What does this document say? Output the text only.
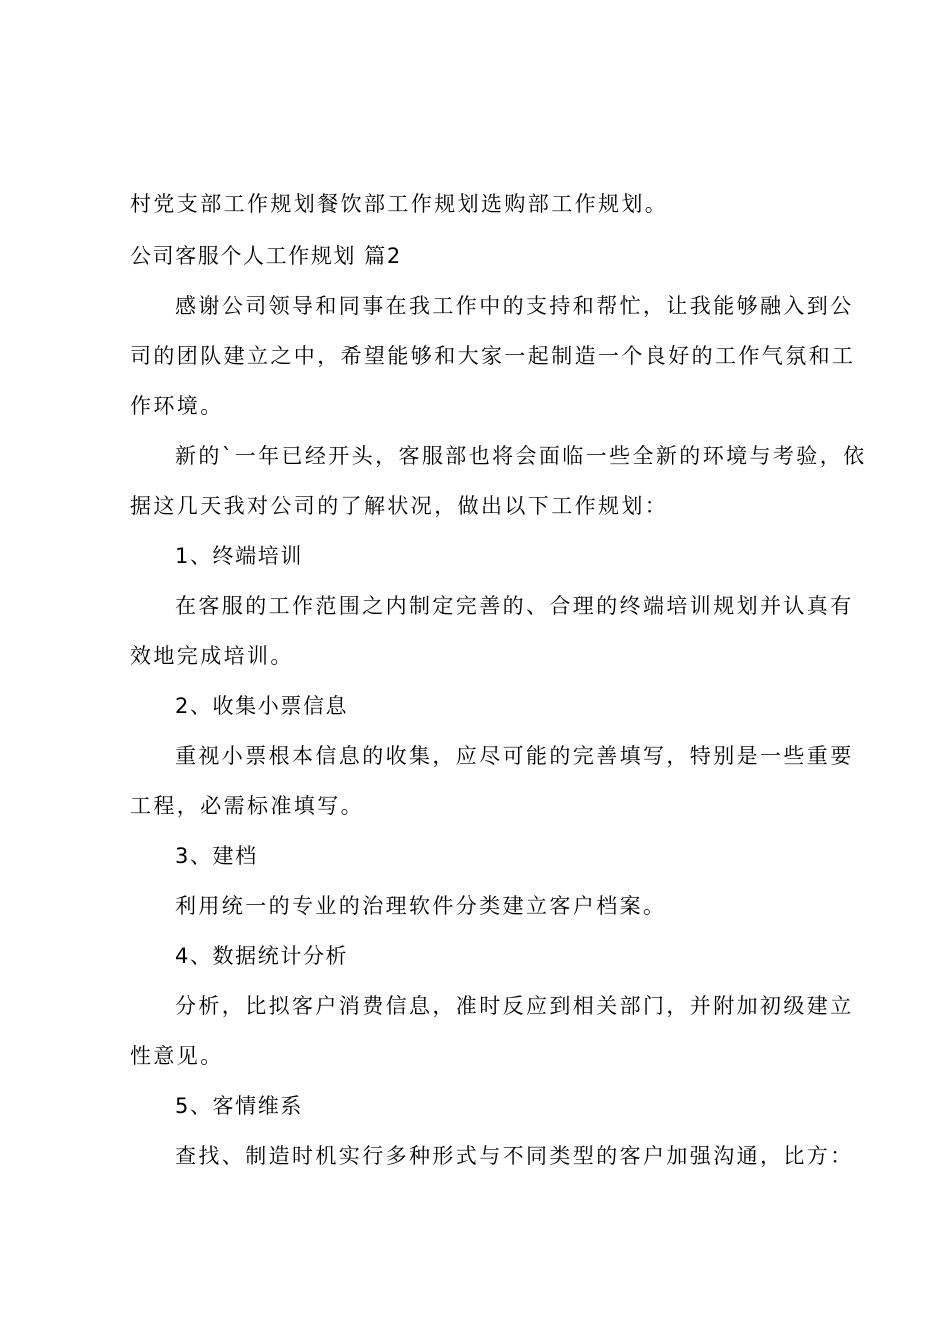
村党支部工作规划餐饮部工作规划选购部工作规划。
公司客服个人工作规划 篇2
感谢公司领导和同事在我工作中的支持和帮忙，让我能够融入到公
司的团队建立之中，希望能够和大家一起制造一个良好的工作气氛和工
作环境。
新的`一年已经开头，客服部也将会面临一些全新的环境与考验，依
据这几天我对公司的了解状况，做出以下工作规划：
1、终端培训
在客服的工作范围之内制定完善的、合理的终端培训规划并认真有
效地完成培训。
2、收集小票信息
重视小票根本信息的收集，应尽可能的完善填写，特别是一些重要
工程，必需标准填写。
3、建档
利用统一的专业的治理软件分类建立客户档案。
4、数据统计分析
分析，比拟客户消费信息，准时反应到相关部门，并附加初级建立
性意见。
5、客情维系
查找、制造时机实行多种形式与不同类型的客户加强沟通，比方：
